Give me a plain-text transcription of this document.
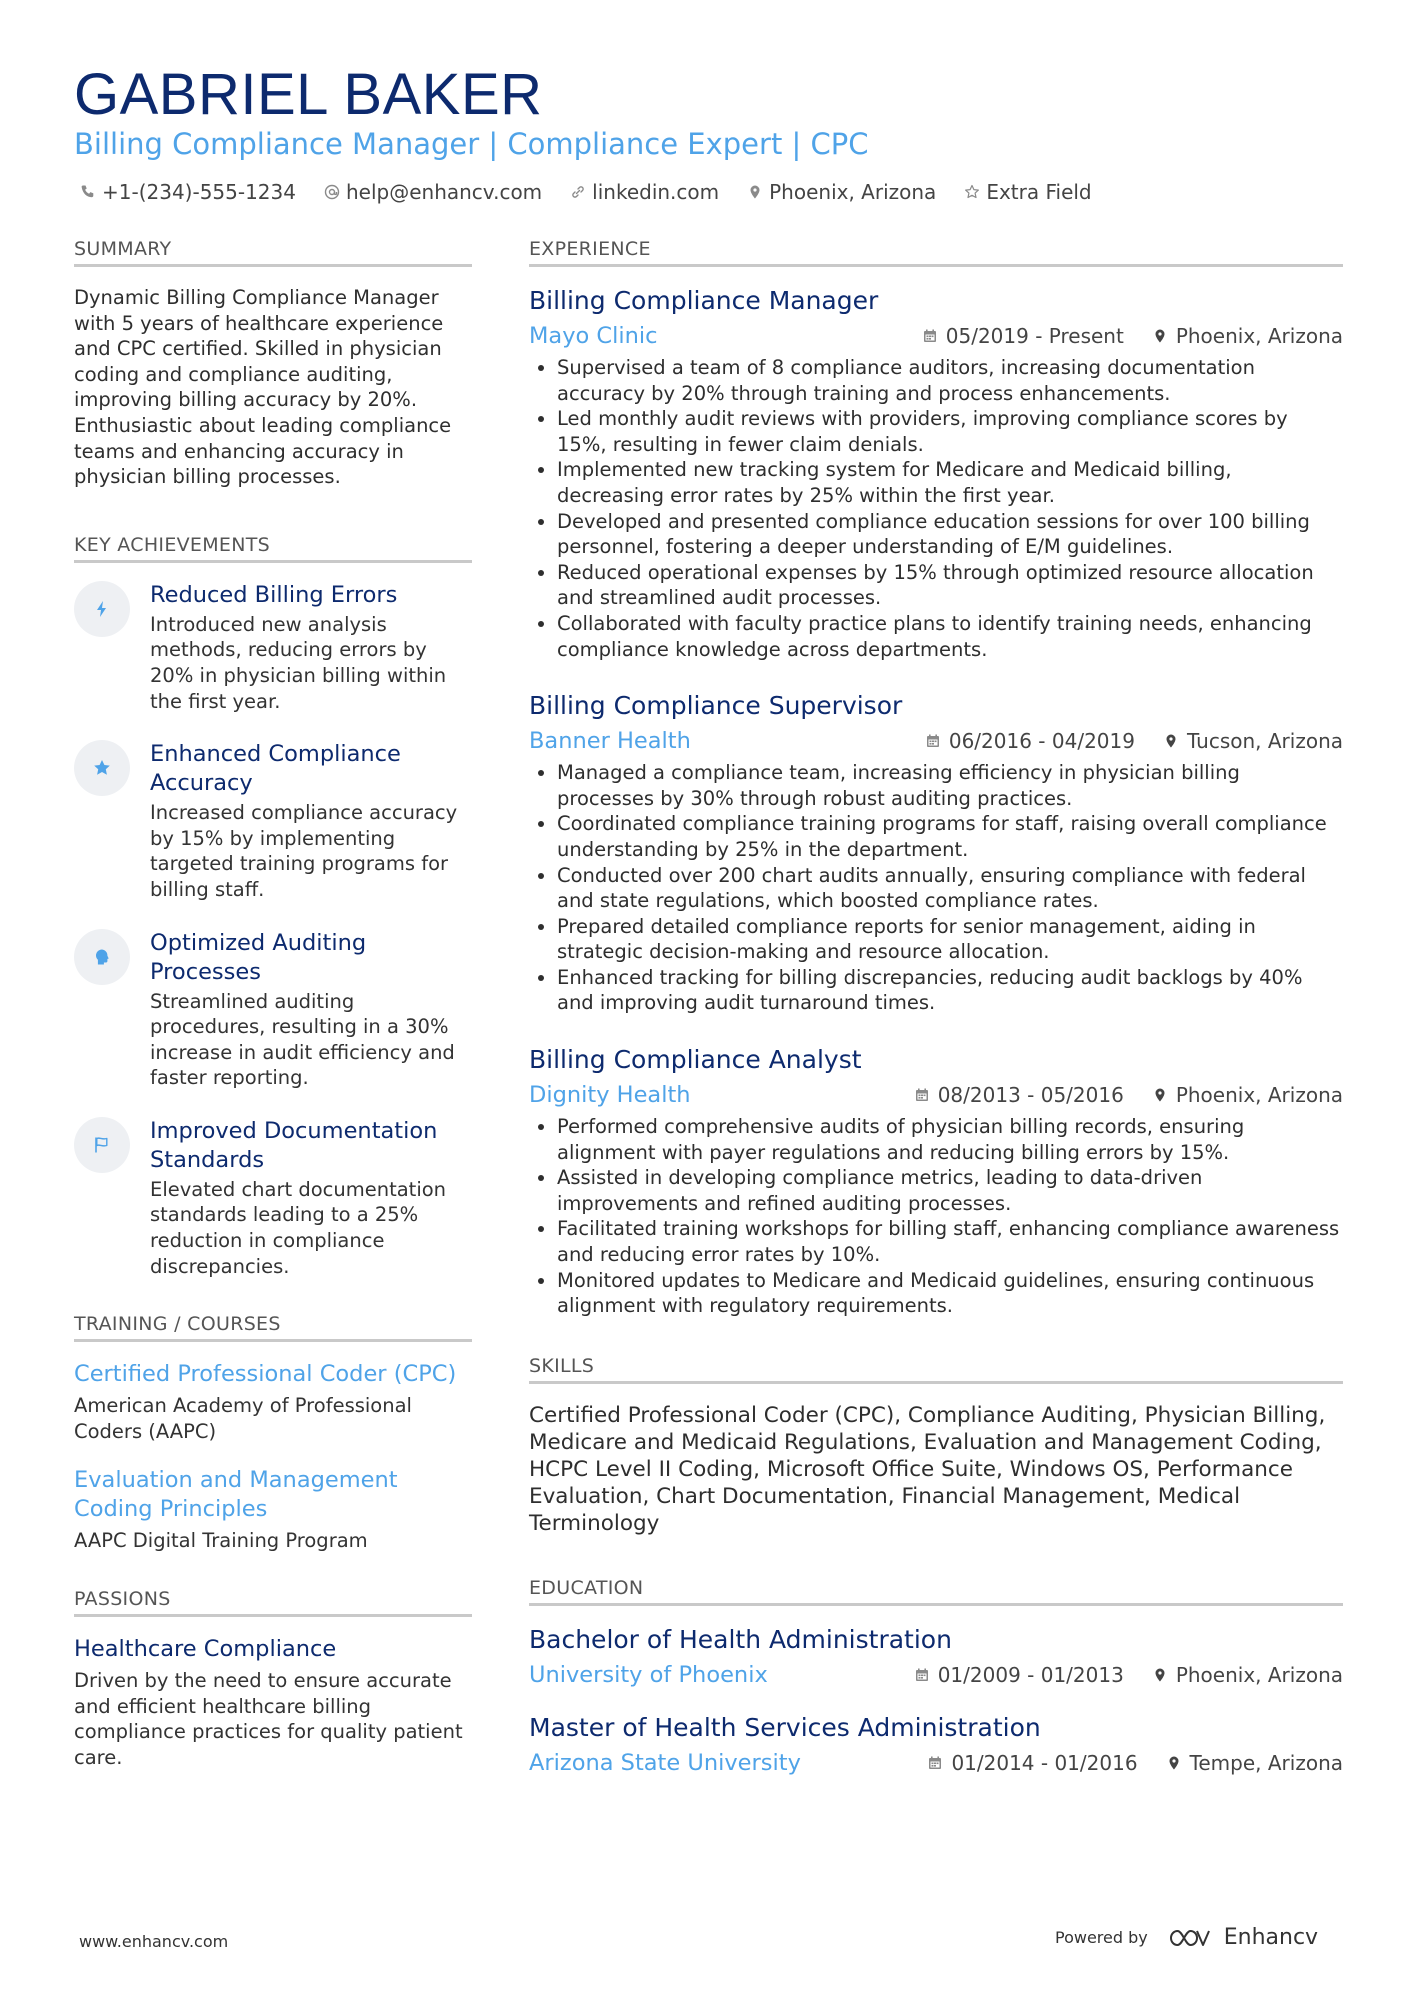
GABRIEL BAKER
Billing Compliance Manager | Compliance Expert | CPC
+1-(234)-555-1234	help@enhancv.com	linkedin.com	Phoenix, Arizona	Extra Field
SUMMARY
Dynamic Billing Compliance Manager with 5 years of healthcare experience and CPC certified. Skilled in physician coding and compliance auditing, improving billing accuracy by 20%. Enthusiastic about leading compliance teams and enhancing accuracy in physician billing processes.
KEY ACHIEVEMENTS
Reduced Billing Errors
Introduced new analysis methods, reducing errors by 20% in physician billing within the first year.
Enhanced Compliance Accuracy
Increased compliance accuracy by 15% by implementing targeted training programs for billing staff.
Optimized Auditing Processes
Streamlined auditing procedures, resulting in a 30% increase in audit efficiency and faster reporting.
Improved Documentation Standards
Elevated chart documentation standards leading to a 25% reduction in compliance discrepancies.
TRAINING / COURSES
Certified Professional Coder (CPC)
American Academy of Professional Coders (AAPC)
Evaluation and Management Coding Principles
AAPC Digital Training Program
PASSIONS
Healthcare Compliance
Driven by the need to ensure accurate and efficient healthcare billing compliance practices for quality patient care.
EXPERIENCE
Billing Compliance Manager
Mayo Clinic	05/2019 - Present	Phoenix, Arizona
• Supervised a team of 8 compliance auditors, increasing documentation accuracy by 20% through training and process enhancements.
• Led monthly audit reviews with providers, improving compliance scores by 15%, resulting in fewer claim denials.
• Implemented new tracking system for Medicare and Medicaid billing, decreasing error rates by 25% within the first year.
• Developed and presented compliance education sessions for over 100 billing personnel, fostering a deeper understanding of E/M guidelines.
• Reduced operational expenses by 15% through optimized resource allocation and streamlined audit processes.
• Collaborated with faculty practice plans to identify training needs, enhancing compliance knowledge across departments.
Billing Compliance Supervisor
Banner Health	06/2016 - 04/2019	Tucson, Arizona
• Managed a compliance team, increasing efficiency in physician billing processes by 30% through robust auditing practices.
• Coordinated compliance training programs for staff, raising overall compliance understanding by 25% in the department.
• Conducted over 200 chart audits annually, ensuring compliance with federal and state regulations, which boosted compliance rates.
• Prepared detailed compliance reports for senior management, aiding in strategic decision-making and resource allocation.
• Enhanced tracking for billing discrepancies, reducing audit backlogs by 40% and improving audit turnaround times.
Billing Compliance Analyst
Dignity Health	08/2013 - 05/2016	Phoenix, Arizona
• Performed comprehensive audits of physician billing records, ensuring alignment with payer regulations and reducing billing errors by 15%.
• Assisted in developing compliance metrics, leading to data-driven improvements and refined auditing processes.
• Facilitated training workshops for billing staff, enhancing compliance awareness and reducing error rates by 10%.
• Monitored updates to Medicare and Medicaid guidelines, ensuring continuous alignment with regulatory requirements.
SKILLS
Certified Professional Coder (CPC), Compliance Auditing, Physician Billing, Medicare and Medicaid Regulations, Evaluation and Management Coding, HCPC Level II Coding, Microsoft Office Suite, Windows OS, Performance Evaluation, Chart Documentation, Financial Management, Medical Terminology
EDUCATION
Bachelor of Health Administration
University of Phoenix	01/2009 - 01/2013	Phoenix, Arizona
Master of Health Services Administration
Arizona State University	01/2014 - 01/2016	Tempe, Arizona
www.enhancv.com	Powered by	Enhancv
